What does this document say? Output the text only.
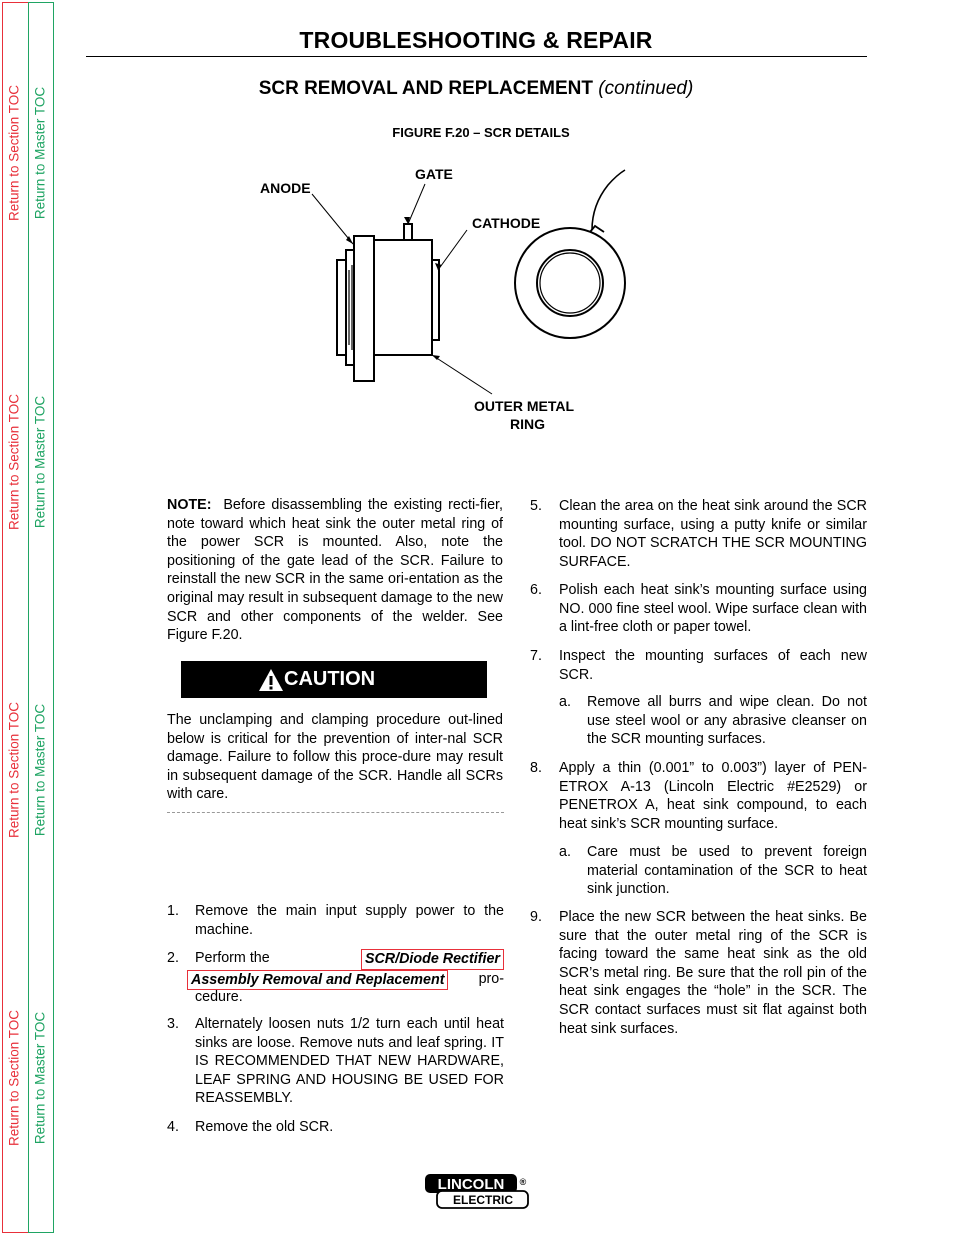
Return to Section TOC Return to Master TOC
Return to Section TOC Return to Master TOC
Return to Section TOC Return to Master TOC
Return to Section TOC Return to Master TOC
TROUBLESHOOTING & REPAIR
SCR REMOVAL AND REPLACEMENT (continued)
FIGURE F.20 – SCR DETAILS
ANODE
GATE
CATHODE
OUTER METAL
RING
NOTE: Before disassembling the existing recti-fier, note toward which heat sink the outer metal ring of the power SCR is mounted. Also, note the positioning of the gate lead of the SCR. Failure to reinstall the new SCR in the same ori-entation as the original may result in subsequent damage to the new SCR and other components of the welder. See Figure F.20.
CAUTION
The unclamping and clamping procedure out-lined below is critical for the prevention of inter-nal SCR damage. Failure to follow this proce-dure may result in subsequent damage of the SCR. Handle all SCRs with care.
1. Remove the main input supply power to the machine.
2. Perform the	SCR/Diode Rectifier
Assembly Removal and Replacement pro-
cedure.
3. Alternately loosen nuts 1/2 turn each until heat sinks are loose. Remove nuts and leaf spring. IT IS RECOMMENDED THAT NEW HARDWARE, LEAF SPRING AND HOUSING BE USED FOR REASSEMBLY.
4. Remove the old SCR.
5. Clean the area on the heat sink around the SCR mounting surface, using a putty knife or similar tool. DO NOT SCRATCH THE SCR MOUNTING SURFACE.
6. Polish each heat sink’s mounting surface using NO. 000 fine steel wool. Wipe surface clean with a lint-free cloth or paper towel.
7. Inspect the mounting surfaces of each new SCR.
a. Remove all burrs and wipe clean. Do not use steel wool or any abrasive cleanser on the SCR mounting surfaces.
8. Apply a thin (0.001” to 0.003”) layer of PEN-ETROX A-13 (Lincoln Electric #E2529) or PENETROX A, heat sink compound, to each heat sink’s SCR mounting surface.
a. Care must be used to prevent foreign material contamination of the SCR to heat sink junction.
9. Place the new SCR between the heat sinks. Be sure that the outer metal ring of the SCR is facing toward the same heat sink as the old SCR’s metal ring. Be sure that the roll pin of the heat sink engages the “hole” in the SCR. The SCR contact surfaces must sit flat against both heat sink surfaces.
LINCOLN
ELECTRIC
®
